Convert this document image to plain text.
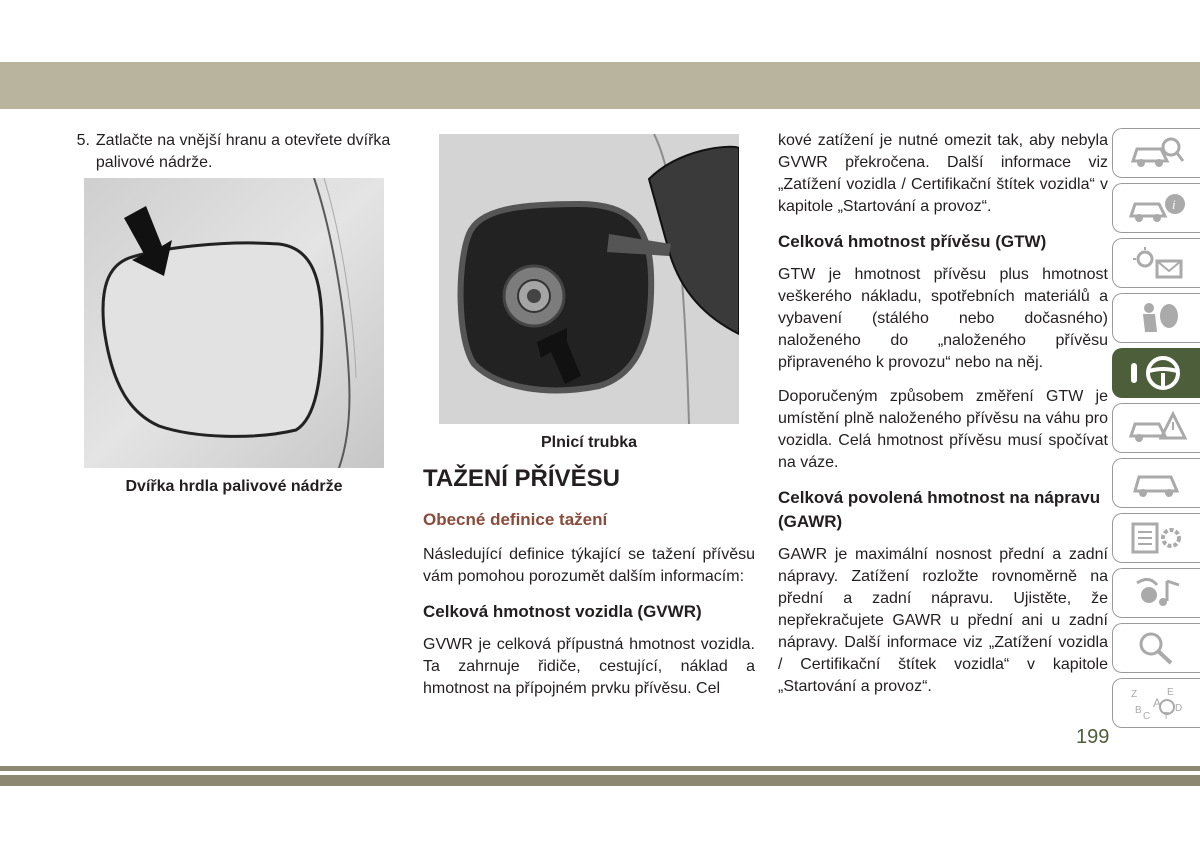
5. Zatlačte na vnější hranu a otevřete dvířka palivové nádrže.
Dvířka hrdla palivové nádrže
Plnicí trubka
TAŽENÍ PŘÍVĚSU
Obecné definice tažení

Následující definice týkající se tažení přívěsu vám pomohou porozumět dalším informacím:

Celková hmotnost vozidla (GVWR)

GVWR je celková přípustná hmotnost vozidla. Ta zahrnuje řidiče, cestující, náklad a hmotnost na přípojném prvku přívěsu. Cel

kové zatížení je nutné omezit tak, aby nebyla GVWR překročena. Další informace viz „Zatížení vozidla / Certifikační štítek vozidla“ v kapitole „Startování a provoz“.

Celková hmotnost přívěsu (GTW)

GTW je hmotnost přívěsu plus hmotnost veškerého nákladu, spotřebních materiálů a vybavení (stálého nebo dočasného) naloženého do „naloženého přívěsu připraveného k provozu“ nebo na něj.

Doporučeným způsobem změření GTW je umístění plně naloženého přívěsu na váhu pro vozidla. Celá hmotnost přívěsu musí spočívat na váze.

Celková povolená hmotnost na nápravu (GAWR)

GAWR je maximální nosnost přední a zadní nápravy. Zatížení rozložte rovnoměrně na přední a zadní nápravu. Ujistěte, že nepřekračujete GAWR u přední ani u zadní nápravy. Další informace viz „Zatížení vozidla / Certifikační štítek vozidla“ v kapitole „Startování a provoz“.

i
Z	E
B
A D
C T
199
